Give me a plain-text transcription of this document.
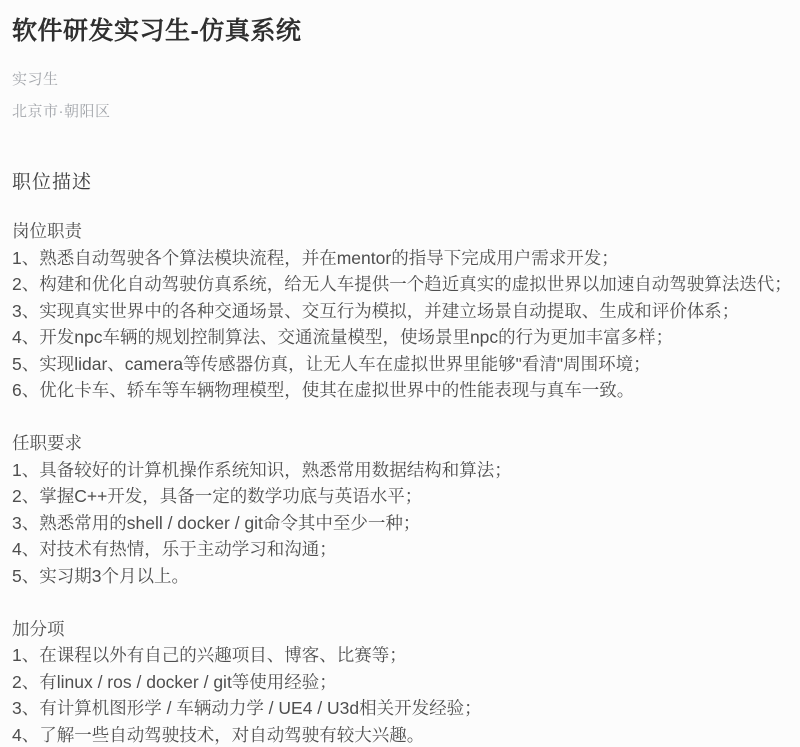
软件研发实习生-仿真系统
实习生
北京市·朝阳区
职位描述
岗位职责
1、熟悉自动驾驶各个算法模块流程，并在mentor的指导下完成用户需求开发；
2、构建和优化自动驾驶仿真系统，给无人车提供一个趋近真实的虚拟世界以加速自动驾驶算法迭代；
3、实现真实世界中的各种交通场景、交互行为模拟，并建立场景自动提取、生成和评价体系；
4、开发npc车辆的规划控制算法、交通流量模型，使场景里npc的行为更加丰富多样；
5、实现lidar、camera等传感器仿真，让无人车在虚拟世界里能够"看清"周围环境；
6、优化卡车、轿车等车辆物理模型，使其在虚拟世界中的性能表现与真车一致。
任职要求
1、具备较好的计算机操作系统知识，熟悉常用数据结构和算法；
2、掌握C++开发，具备一定的数学功底与英语水平；
3、熟悉常用的shell / docker / git命令其中至少一种；
4、对技术有热情，乐于主动学习和沟通；
5、实习期3个月以上。
加分项
1、在课程以外有自己的兴趣项目、博客、比赛等；
2、有linux / ros / docker / git等使用经验；
3、有计算机图形学 / 车辆动力学 / UE4 / U3d相关开发经验；
4、了解一些自动驾驶技术，对自动驾驶有较大兴趣。
